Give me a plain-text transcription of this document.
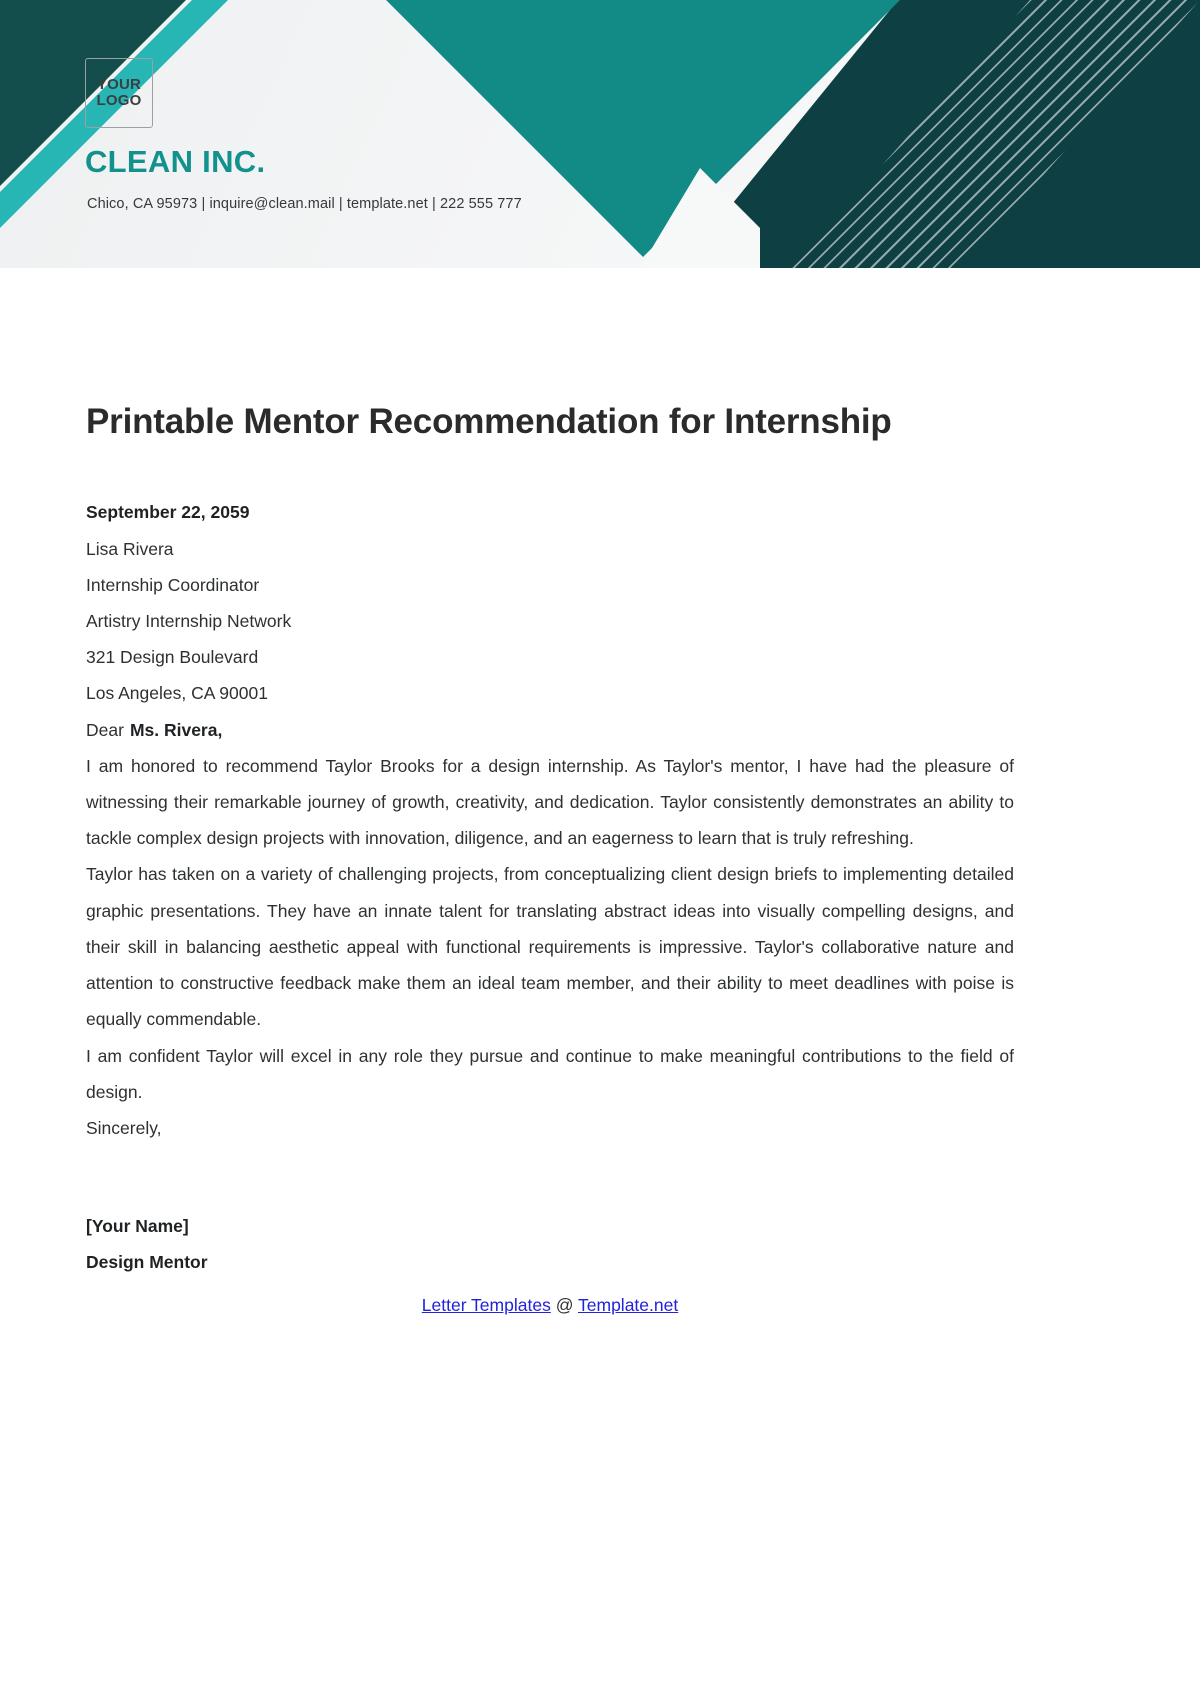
YOUR
LOGO
CLEAN INC.
Chico, CA 95973 | inquire@clean.mail | template.net | 222 555 777
Printable Mentor Recommendation for Internship
September 22, 2059
Lisa Rivera
Internship Coordinator
Artistry Internship Network
321 Design Boulevard
Los Angeles, CA 90001
Dear Ms. Rivera,

I am honored to recommend Taylor Brooks for a design internship. As Taylor's mentor, I have had the pleasure of witnessing their remarkable journey of growth, creativity, and dedication. Taylor consistently demonstrates an ability to tackle complex design projects with innovation, diligence, and an eagerness to learn that is truly refreshing.

Taylor has taken on a variety of challenging projects, from conceptualizing client design briefs to implementing detailed graphic presentations. They have an innate talent for translating abstract ideas into visually compelling designs, and their skill in balancing aesthetic appeal with functional requirements is impressive. Taylor's collaborative nature and attention to constructive feedback make them an ideal team member, and their ability to meet deadlines with poise is equally commendable.

I am confident Taylor will excel in any role they pursue and continue to make meaningful contributions to the field of design.

Sincerely,
[Your Name]
Design Mentor
Letter Templates @ Template.net
